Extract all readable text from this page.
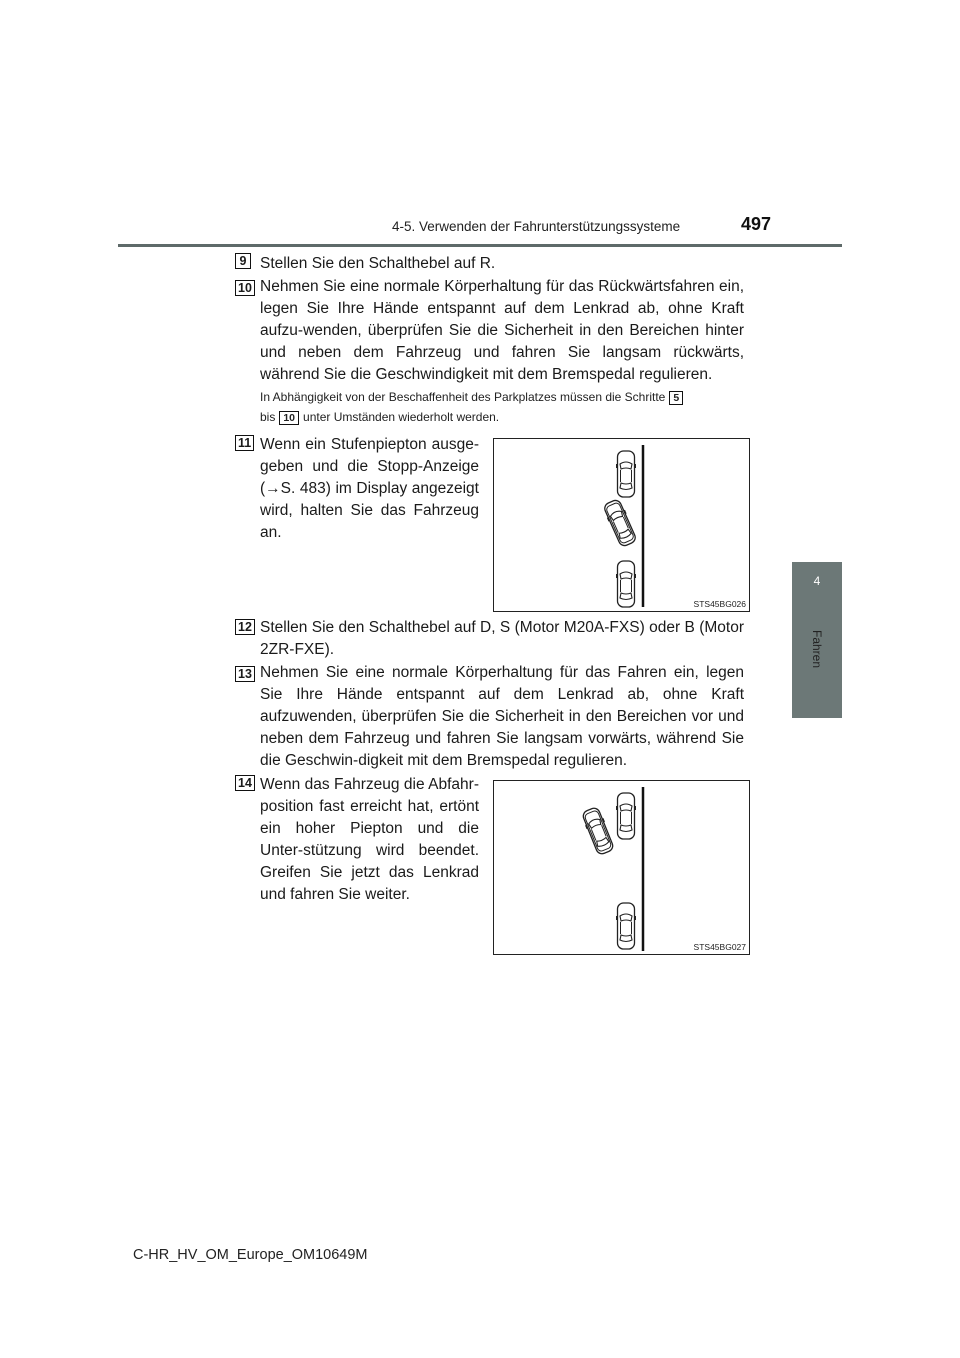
4-5. Verwenden der Fahrunterstützungssysteme	497
4
Fahren
9 Stellen Sie den Schalthebel auf R.
10 Nehmen Sie eine normale Körperhaltung für das Rückwärtsfahren ein, legen Sie Ihre Hände entspannt auf dem Lenkrad ab, ohne Kraft aufzu-wenden, überprüfen Sie die Sicherheit in den Bereichen hinter und neben dem Fahrzeug und fahren Sie langsam rückwärts, während Sie die Geschwindigkeit mit dem Bremspedal regulieren.
In Abhängigkeit von der Beschaffenheit des Parkplatzes müssen die Schritte 5
bis 10 unter Umständen wiederholt werden.
11 Wenn ein Stufenpiepton ausge-geben und die Stopp-Anzeige (→S. 483) im Display angezeigt wird, halten Sie das Fahrzeug an.
STS45BG026
12 Stellen Sie den Schalthebel auf D, S (Motor M20A-FXS) oder B (Motor 2ZR-FXE).
13 Nehmen Sie eine normale Körperhaltung für das Fahren ein, legen Sie Ihre Hände entspannt auf dem Lenkrad ab, ohne Kraft aufzuwenden, überprüfen Sie die Sicherheit in den Bereichen vor und neben dem Fahrzeug und fahren Sie langsam vorwärts, während Sie die Geschwin-digkeit mit dem Bremspedal regulieren.
14 Wenn das Fahrzeug die Abfahr-position fast erreicht hat, ertönt ein hoher Piepton und die Unter-stützung wird beendet. Greifen Sie jetzt das Lenkrad und fahren Sie weiter.
STS45BG027
C-HR_HV_OM_Europe_OM10649M
